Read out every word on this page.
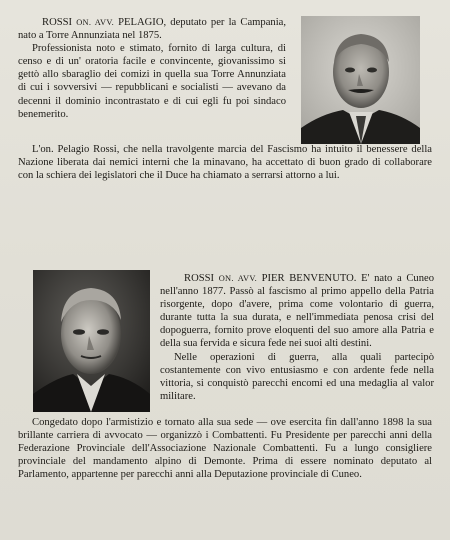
ROSSI ON. AVV. PELAGIO, deputato per la Campania, nato a Torre Annunziata nel 1875.

Professionista noto e stimato, fornito di larga cultura, di censo e di un' oratoria facile e convincente, giovanissimo si gettò allo sbaraglio dei comizi in quella sua Torre Annunziata di cui i sovversivi — repubblicani e socialisti — avevano da decenni il dominio incontrastato e di cui egli fu poi sindaco benemerito.

L'on. Pelagio Rossi, che nella travolgente marcia del Fascismo ha intuito il benessere della Nazione liberata dai nemici interni che la minavano, ha accettato di buon grado di collaborare con la schiera dei legislatori che il Duce ha chiamato a serrarsi attorno a lui.

ROSSI ON. AVV. PIER BENVENUTO. E' nato a Cuneo nell'anno 1877. Passò al fascismo al primo appello della Patria risorgente, dopo d'avere, prima come volontario di guerra, durante tutta la sua durata, e nell'immediata penosa crisi del dopoguerra, fornito prove eloquenti del suo amore alla Patria e della sua fervida e sicura fede nei suoi alti destini.

Nelle operazioni di guerra, alla quali partecipò costantemente con vivo entusiasmo e con ardente fede nella vittoria, si conquistò parecchi encomi ed una medaglia al valor militare.

Congedato dopo l'armistizio e tornato alla sua sede — ove esercita fin dall'anno 1898 la sua brillante carriera di avvocato — organizzò i Combattenti. Fu Presidente per parecchi anni della Federazione Provinciale dell'Associazione Nazionale Combattenti. Fu a lungo consigliere provinciale del mandamento alpino di Demonte. Prima di essere nominato deputato al Parlamento, appartenne per parecchi anni alla Deputazione provinciale di Cuneo.
